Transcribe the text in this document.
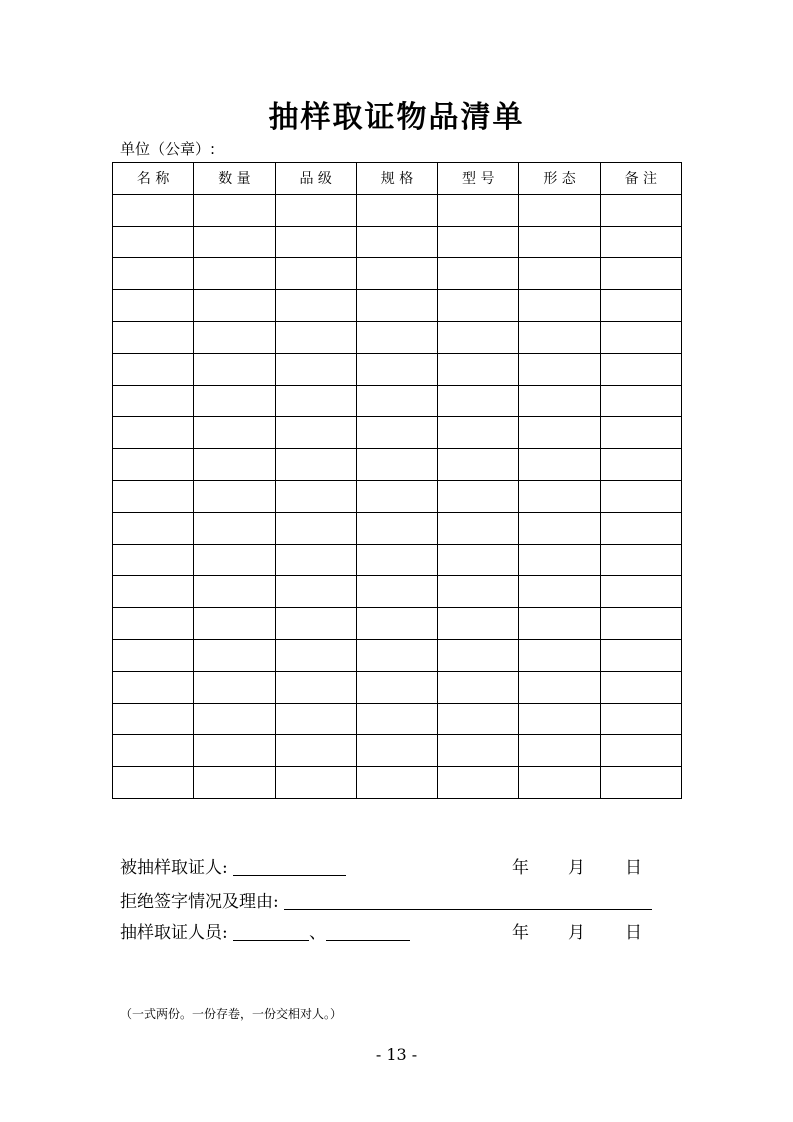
抽样取证物品清单
单位（公章）:
名 称	数 量	品 级	规 格	型 号	形 态	备 注

被抽样取证人:	年 月 日
拒绝签字情况及理由:
抽样取证人员:	、	年 月 日
（一式两份。一份存卷，一份交相对人。）
- 13 -
